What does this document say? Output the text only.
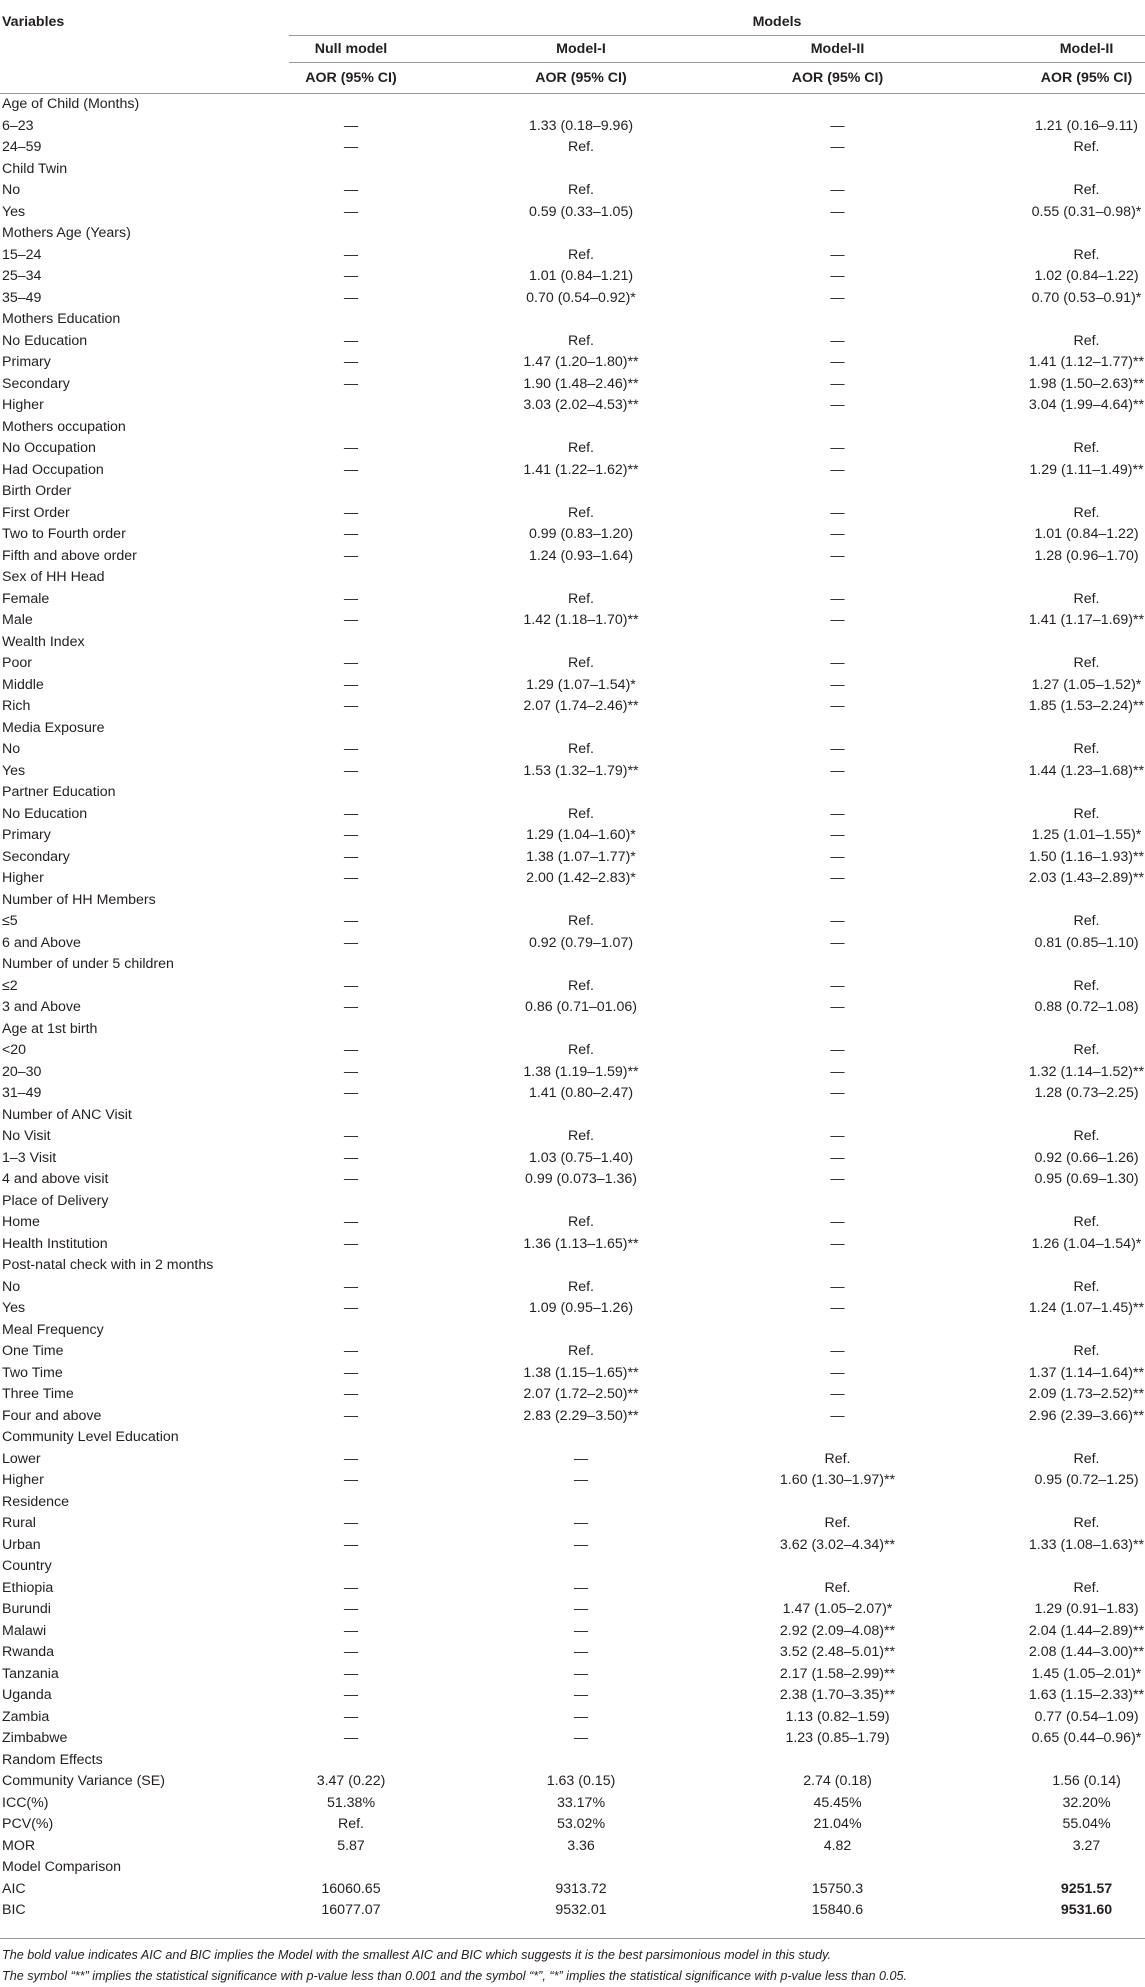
Variables	Models			
	Null model	Model-I	Model-II	Model-II
	AOR (95% CI)	AOR (95% CI)	AOR (95% CI)	AOR (95% CI)
Age of Child (Months)				
6–23	—	1.33 (0.18–9.96)	—	1.21 (0.16–9.11)
24–59	—	Ref.	—	Ref.
Child Twin				
No	—	Ref.	—	Ref.
Yes	—	0.59 (0.33–1.05)	—	0.55 (0.31–0.98)*
Mothers Age (Years)				
15–24	—	Ref.	—	Ref.
25–34	—	1.01 (0.84–1.21)	—	1.02 (0.84–1.22)
35–49	—	0.70 (0.54–0.92)*	—	0.70 (0.53–0.91)*
Mothers Education				
No Education	—	Ref.	—	Ref.
Primary	—	1.47 (1.20–1.80)**	—	1.41 (1.12–1.77)**
Secondary	—	1.90 (1.48–2.46)**	—	1.98 (1.50–2.63)**
Higher		3.03 (2.02–4.53)**	—	3.04 (1.99–4.64)**
Mothers occupation				
No Occupation	—	Ref.	—	Ref.
Had Occupation	—	1.41 (1.22–1.62)**	—	1.29 (1.11–1.49)**
Birth Order				
First Order	—	Ref.	—	Ref.
Two to Fourth order	—	0.99 (0.83–1.20)	—	1.01 (0.84–1.22)
Fifth and above order	—	1.24 (0.93–1.64)	—	1.28 (0.96–1.70)
Sex of HH Head				
Female	—	Ref.	—	Ref.
Male	—	1.42 (1.18–1.70)**	—	1.41 (1.17–1.69)**
Wealth Index				
Poor	—	Ref.	—	Ref.
Middle	—	1.29 (1.07–1.54)*	—	1.27 (1.05–1.52)*
Rich	—	2.07 (1.74–2.46)**	—	1.85 (1.53–2.24)**
Media Exposure				
No	—	Ref.	—	Ref.
Yes	—	1.53 (1.32–1.79)**	—	1.44 (1.23–1.68)**
Partner Education				
No Education	—	Ref.	—	Ref.
Primary	—	1.29 (1.04–1.60)*	—	1.25 (1.01–1.55)*
Secondary	—	1.38 (1.07–1.77)*	—	1.50 (1.16–1.93)**
Higher	—	2.00 (1.42–2.83)*	—	2.03 (1.43–2.89)**
Number of HH Members				
≤5	—	Ref.	—	Ref.
6 and Above	—	0.92 (0.79–1.07)	—	0.81 (0.85–1.10)
Number of under 5 children				
≤2	—	Ref.	—	Ref.
3 and Above	—	0.86 (0.71–01.06)	—	0.88 (0.72–1.08)
Age at 1st birth				
<20	—	Ref.	—	Ref.
20–30	—	1.38 (1.19–1.59)**	—	1.32 (1.14–1.52)**
31–49	—	1.41 (0.80–2.47)	—	1.28 (0.73–2.25)
Number of ANC Visit				
No Visit	—	Ref.	—	Ref.
1–3 Visit	—	1.03 (0.75–1.40)	—	0.92 (0.66–1.26)
4 and above visit	—	0.99 (0.073–1.36)	—	0.95 (0.69–1.30)
Place of Delivery				
Home	—	Ref.	—	Ref.
Health Institution	—	1.36 (1.13–1.65)**	—	1.26 (1.04–1.54)*
Post-natal check with in 2 months				
No	—	Ref.	—	Ref.
Yes	—	1.09 (0.95–1.26)	—	1.24 (1.07–1.45)**
Meal Frequency				
One Time	—	Ref.	—	Ref.
Two Time	—	1.38 (1.15–1.65)**	—	1.37 (1.14–1.64)**
Three Time	—	2.07 (1.72–2.50)**	—	2.09 (1.73–2.52)**
Four and above	—	2.83 (2.29–3.50)**	—	2.96 (2.39–3.66)**
Community Level Education				
Lower	—	—	Ref.	Ref.
Higher	—	—	1.60 (1.30–1.97)**	0.95 (0.72–1.25)
Residence				
Rural	—	—	Ref.	Ref.
Urban	—	—	3.62 (3.02–4.34)**	1.33 (1.08–1.63)**
Country				
Ethiopia	—	—	Ref.	Ref.
Burundi	—	—	1.47 (1.05–2.07)*	1.29 (0.91–1.83)
Malawi	—	—	2.92 (2.09–4.08)**	2.04 (1.44–2.89)**
Rwanda	—	—	3.52 (2.48–5.01)**	2.08 (1.44–3.00)**
Tanzania	—	—	2.17 (1.58–2.99)**	1.45 (1.05–2.01)*
Uganda	—	—	2.38 (1.70–3.35)**	1.63 (1.15–2.33)**
Zambia	—	—	1.13 (0.82–1.59)	0.77 (0.54–1.09)
Zimbabwe	—	—	1.23 (0.85–1.79)	0.65 (0.44–0.96)*
Random Effects				
Community Variance (SE)	3.47 (0.22)	1.63 (0.15)	2.74 (0.18)	1.56 (0.14)
ICC(%)	51.38%	33.17%	45.45%	32.20%
PCV(%)	Ref.	53.02%	21.04%	55.04%
MOR	5.87	3.36	4.82	3.27
Model Comparison				
AIC	16060.65	9313.72	15750.3	9251.57
BIC	16077.07	9532.01	15840.6	9531.60

The bold value indicates AIC and BIC implies the Model with the smallest AIC and BIC which suggests it is the best parsimonious model in this study.

The symbol “**” implies the statistical significance with p-value less than 0.001 and the symbol “*”, “*” implies the statistical significance with p-value less than 0.05.
